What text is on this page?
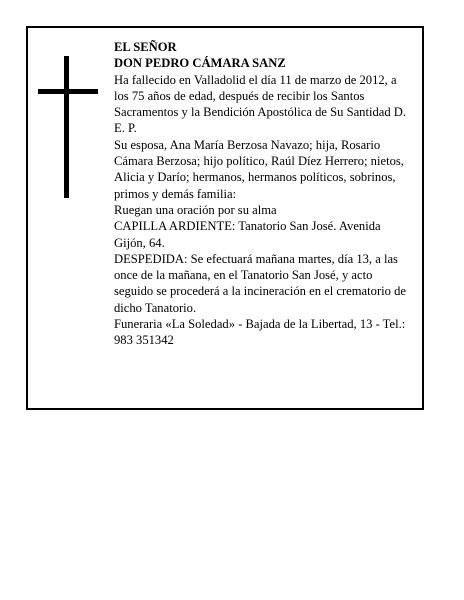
EL SEÑOR

DON PEDRO CÁMARA SANZ

Ha fallecido en Valladolid el día 11 de marzo de 2012, a los 75 años de edad, después de recibir los Santos Sacramentos y la Bendición Apostólica de Su Santidad D. E. P.

Su esposa, Ana María Berzosa Navazo; hija, Rosario Cámara Berzosa; hijo político, Raúl Díez Herrero; nietos, Alicia y Darío; hermanos, hermanos políticos, sobrinos, primos y demás familia:

Ruegan una oración por su alma

CAPILLA ARDIENTE: Tanatorio San José. Avenida Gijón, 64.

DESPEDIDA: Se efectuará mañana martes, día 13, a las once de la mañana, en el Tanatorio San José, y acto seguido se procederá a la incineración en el crematorio de dicho Tanatorio.

Funeraria «La Soledad» - Bajada de la Libertad, 13 - Tel.: 983 351342
